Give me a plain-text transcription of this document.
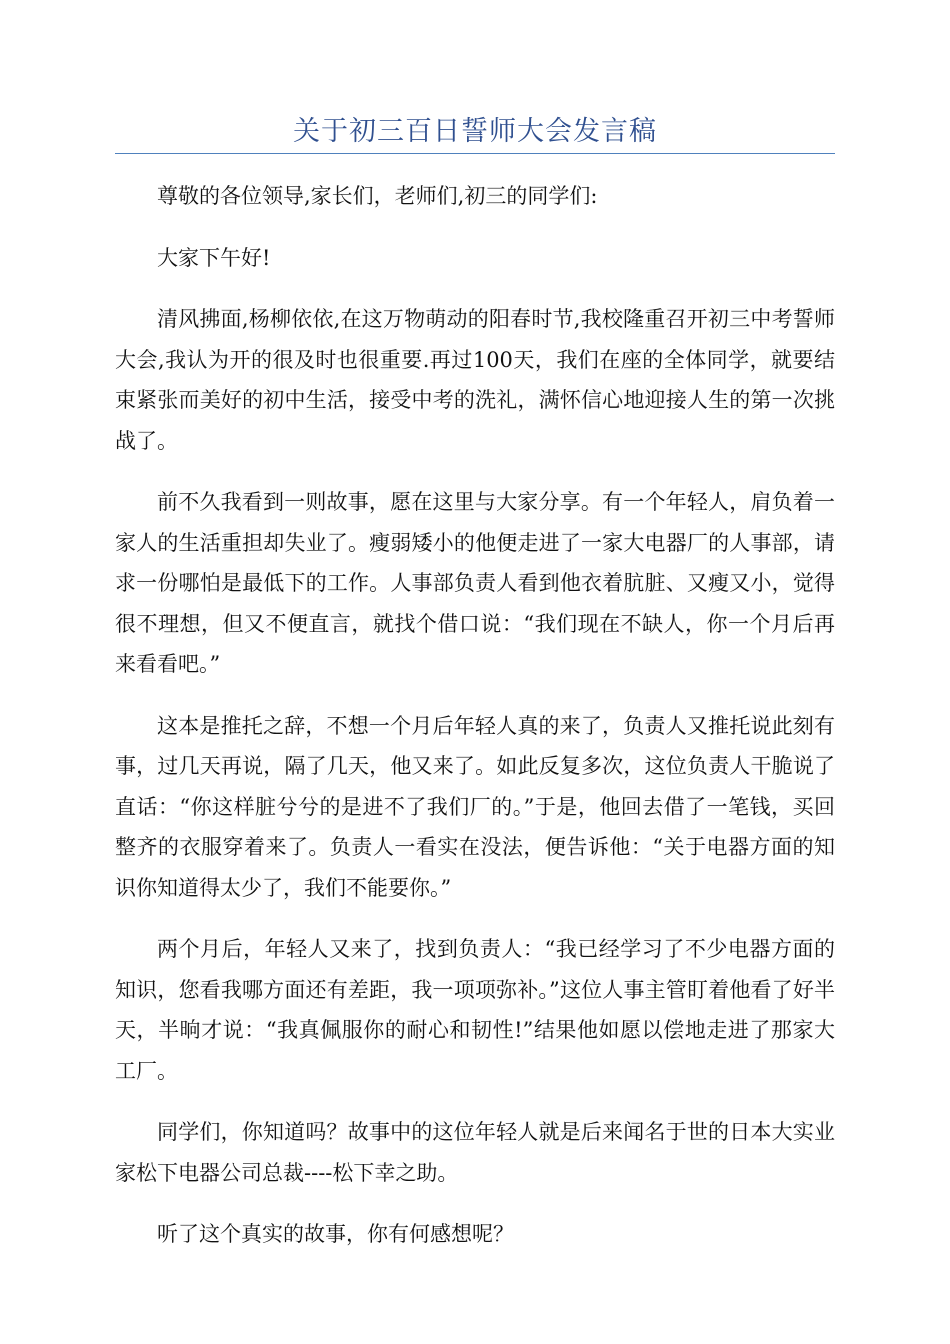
关于初三百日誓师大会发言稿

尊敬的各位领导,家长们，老师们,初三的同学们:

大家下午好!

清风拂面,杨柳依依,在这万物萌动的阳春时节,我校隆重召开初三中考誓师大会,我认为开的很及时也很重要.再过100天，我们在座的全体同学，就要结束紧张而美好的初中生活，接受中考的洗礼，满怀信心地迎接人生的第一次挑战了。

前不久我看到一则故事，愿在这里与大家分享。有一个年轻人，肩负着一家人的生活重担却失业了。瘦弱矮小的他便走进了一家大电器厂的人事部，请求一份哪怕是最低下的工作。人事部负责人看到他衣着肮脏、又瘦又小，觉得很不理想，但又不便直言，就找个借口说：“我们现在不缺人，你一个月后再来看看吧。”

这本是推托之辞，不想一个月后年轻人真的来了，负责人又推托说此刻有事，过几天再说，隔了几天，他又来了。如此反复多次，这位负责人干脆说了直话：“你这样脏兮兮的是进不了我们厂的。”于是，他回去借了一笔钱，买回整齐的衣服穿着来了。负责人一看实在没法，便告诉他：“关于电器方面的知识你知道得太少了，我们不能要你。”

两个月后，年轻人又来了，找到负责人：“我已经学习了不少电器方面的知识，您看我哪方面还有差距，我一项项弥补。”这位人事主管盯着他看了好半天，半晌才说：“我真佩服你的耐心和韧性!”结果他如愿以偿地走进了那家大工厂。

同学们，你知道吗？故事中的这位年轻人就是后来闻名于世的日本大实业家松下电器公司总裁----松下幸之助。

听了这个真实的故事，你有何感想呢？
